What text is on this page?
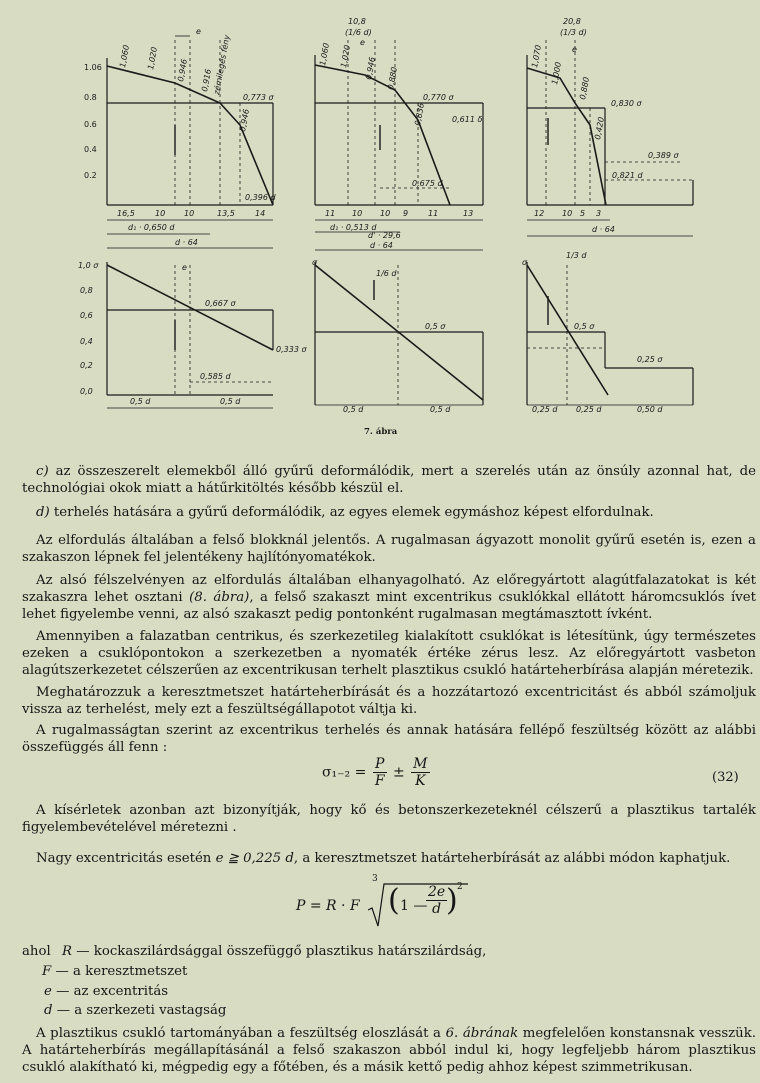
1.06
0.8
0.6
0.4
0.2
1,060 1,020 0,946 0,916
0,946
zémilegés fény
e
0,773 σ
0,396 d
16,5	10 10	13,5	14
d₁ · 0,650 d
d · 64
10,8
(1/6 d)
e
1,060 1,020 0,946 0,880
0,836
0,770 σ
0,611 δ
0,675 d
11 10 10 9 11	13
d₁ · 0,513 d
d' · 29,6
d · 64
20,8
(1/3 d)
e
1,070
1,000
0,880
0,420
0,830 σ
0,389 σ
0,821 d
12 10 5 3
d · 64
1,0 σ
0,8
0,6
0,4
0,2
0,0
e
0,667 σ
0,333 σ
0,585 d
0,5 d	0,5 d
σ
1/6 d
0,5 σ
0,5 d	0,5 d
σ
1/3 d
0,5 σ
0,25 σ
0,25 d 0,25 d	0,50 d
7. ábra

c) az összeszerelt elemekből álló gyűrű deformálódik, mert a szerelés után az önsúly azonnal hat, de technológiai okok miatt a hátűrkitöltés később készül el.

d) terhelés hatására a gyűrű deformálódik, az egyes elemek egymáshoz képest elfordulnak.

Az elfordulás általában a felső blokknál jelentős. A rugalmasan ágyazott monolit gyűrű esetén is, ezen a szakaszon lépnek fel jelentékeny hajlítónyomatékok.

Az alsó félszelvényen az elfordulás általában elhanyagolható. Az előregyártott alagútfalazatokat is két szakaszra lehet osztani (8. ábra), a felső szakaszt mint excentrikus csuklókkal ellátott háromcsuklós ívet lehet figyelembe venni, az alsó szakaszt pedig pontonként rugalmasan megtámasztott ívként.

Amennyiben a falazatban centrikus, és szerkezetileg kialakított csuklókat is létesítünk, úgy természetes ezeken a csuklópontokon a szerkezetben a nyomaték értéke zérus lesz. Az előregyártott vasbeton alagútszerkezetet célszerűen az excentrikusan terhelt plasztikus csukló határteherbírása alapján méretezik.

Meghatározzuk a keresztmetszet határteherbírását és a hozzátartozó excentricitást és abból számoljuk vissza az terhelést, mely ezt a feszültségállapotot váltja ki.

A rugalmasságtan szerint az excentrikus terhelés és annak hatására fellépő feszültség között az alábbi összefüggés áll fenn :

$\sigma_{1-2} = \frac{P}{F} \pm \frac{M}{K}$	(32)

A kísérletek azonban azt bizonyítják, hogy kő és betonszerkezeteknél célszerű a plasztikus tartalék figyelembevételével méretezni .

Nagy excentricitás esetén e ≧ 0,225 d, a keresztmetszet határteherbírását az alábbi módon kaphatjuk.

P = R · F
3
( 1 —
$\frac{2e}{d}$
) 2
ahol R — kockaszilárdsággal összefüggő plasztikus határszilárdság,
F — a keresztmetszet
e — az excentritás
d — a szerkezeti vastagság

A plasztikus csukló tartományában a feszültség eloszlását a 6. ábrának megfelelően konstansnak vesszük. A határteherbírás megállapításánál a felső szakaszon abból indul ki, hogy legfeljebb három plasztikus csukló alakítható ki, mégpedig egy a főtében, és a másik kettő pedig ahhoz képest szimmetrikusan.
